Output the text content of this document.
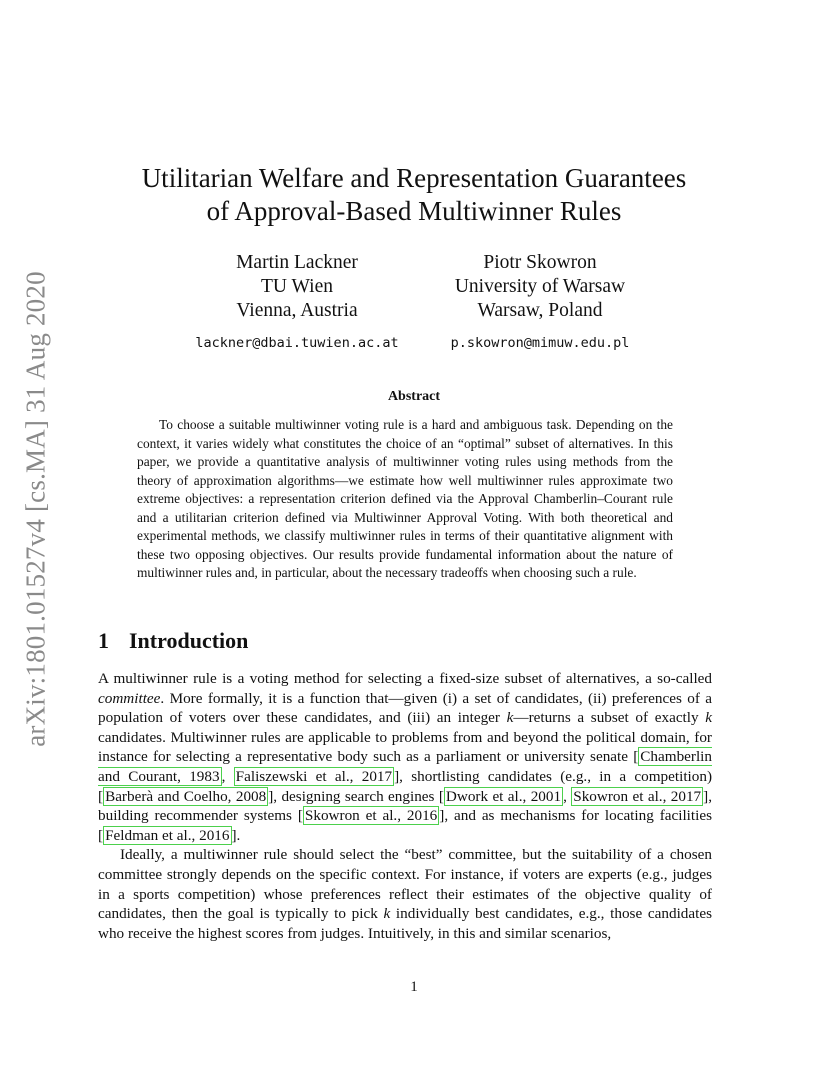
arXiv:1801.01527v4 [cs.MA] 31 Aug 2020
Utilitarian Welfare and Representation Guarantees
of Approval-Based Multiwinner Rules
Martin Lackner
TU Wien
Vienna, Austria
lackner@dbai.tuwien.ac.at
Piotr Skowron
University of Warsaw
Warsaw, Poland
p.skowron@mimuw.edu.pl
Abstract

To choose a suitable multiwinner voting rule is a hard and ambiguous task. Depending on the context, it varies widely what constitutes the choice of an “optimal” subset of alternatives. In this paper, we provide a quantitative analysis of multiwinner voting rules using methods from the theory of approximation algorithms—we estimate how well multiwinner rules approximate two extreme objectives: a representation criterion defined via the Approval Chamberlin–Courant rule and a utilitarian criterion defined via Multiwinner Approval Voting. With both theoretical and experimental methods, we classify multiwinner rules in terms of their quantitative alignment with these two opposing objectives. Our results provide fundamental information about the nature of multiwinner rules and, in particular, about the necessary tradeoffs when choosing such a rule.

1 Introduction

A multiwinner rule is a voting method for selecting a fixed-size subset of alternatives, a so-called committee. More formally, it is a function that—given (i) a set of candidates, (ii) preferences of a population of voters over these candidates, and (iii) an integer k—returns a subset of exactly k candidates. Multiwinner rules are applicable to problems from and beyond the political domain, for instance for selecting a representative body such as a parliament or university senate [ Chamberlin and Courant, 1983 , Faliszewski et al., 2017 ], shortlisting candidates (e.g., in a competition) [ Barberà and Coelho, 2008 ], designing search engines [ Dwork et al., 2001 , Skowron et al., 2017 ], building recommender systems [ Skowron et al., 2016 ], and as mechanisms for locating facilities [ Feldman et al., 2016 ].

Ideally, a multiwinner rule should select the “best” committee, but the suitability of a chosen committee strongly depends on the specific context. For instance, if voters are experts (e.g., judges in a sports competition) whose preferences reflect their estimates of the objective quality of candidates, then the goal is typically to pick k individually best candidates, e.g., those candidates who receive the highest scores from judges. Intuitively, in this and similar scenarios,

1
